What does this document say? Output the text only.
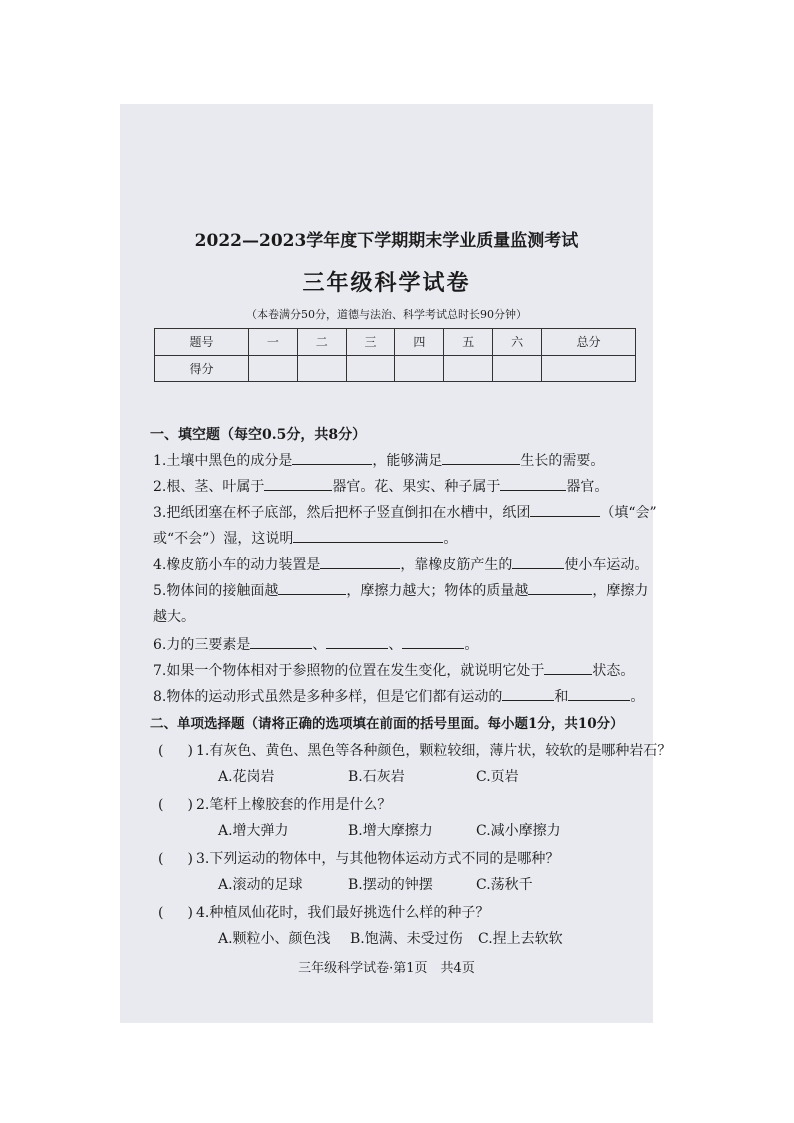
2022—2023学年度下学期期末学业质量监测考试
三年级科学试卷
（本卷满分50分，道德与法治、科学考试总时长90分钟）
题号	一	二	三	四	五	六	总分
得分							
一、填空题（每空0.5分，共8分）
1.土壤中黑色的成分是	，能够满足	生长的需要。
2.根、茎、叶属于	器官。花、果实、种子属于	器官。
3.把纸团塞在杯子底部，然后把杯子竖直倒扣在水槽中，纸团	（填“会”
或“不会”）湿，这说明	。
4.橡皮筋小车的动力装置是	，靠橡皮筋产生的	使小车运动。
5.物体间的接触面越	，摩擦力越大；物体的质量越	，摩擦力
越大。
6.力的三要素是	、	、	。
7.如果一个物体相对于参照物的位置在发生变化，就说明它处于	状态。
8.物体的运动形式虽然是多种多样，但是它们都有运动的	和	。
二、单项选择题（请将正确的选项填在前面的括号里面。每小题1分，共10分）
( ) 1.有灰色、黄色、黑色等各种颜色，颗粒较细，薄片状，较软的是哪种岩石？
A.花岗岩	B.石灰岩	C.页岩
( ) 2.笔杆上橡胶套的作用是什么？
A.增大弹力	B.增大摩擦力	C.减小摩擦力
( ) 3.下列运动的物体中，与其他物体运动方式不同的是哪种？
A.滚动的足球	B.摆动的钟摆	C.荡秋千
( ) 4.种植凤仙花时，我们最好挑选什么样的种子？
A.颗粒小、颜色浅 B.饱满、未受过伤 C.捏上去软软
三年级科学试卷·第1页　共4页
